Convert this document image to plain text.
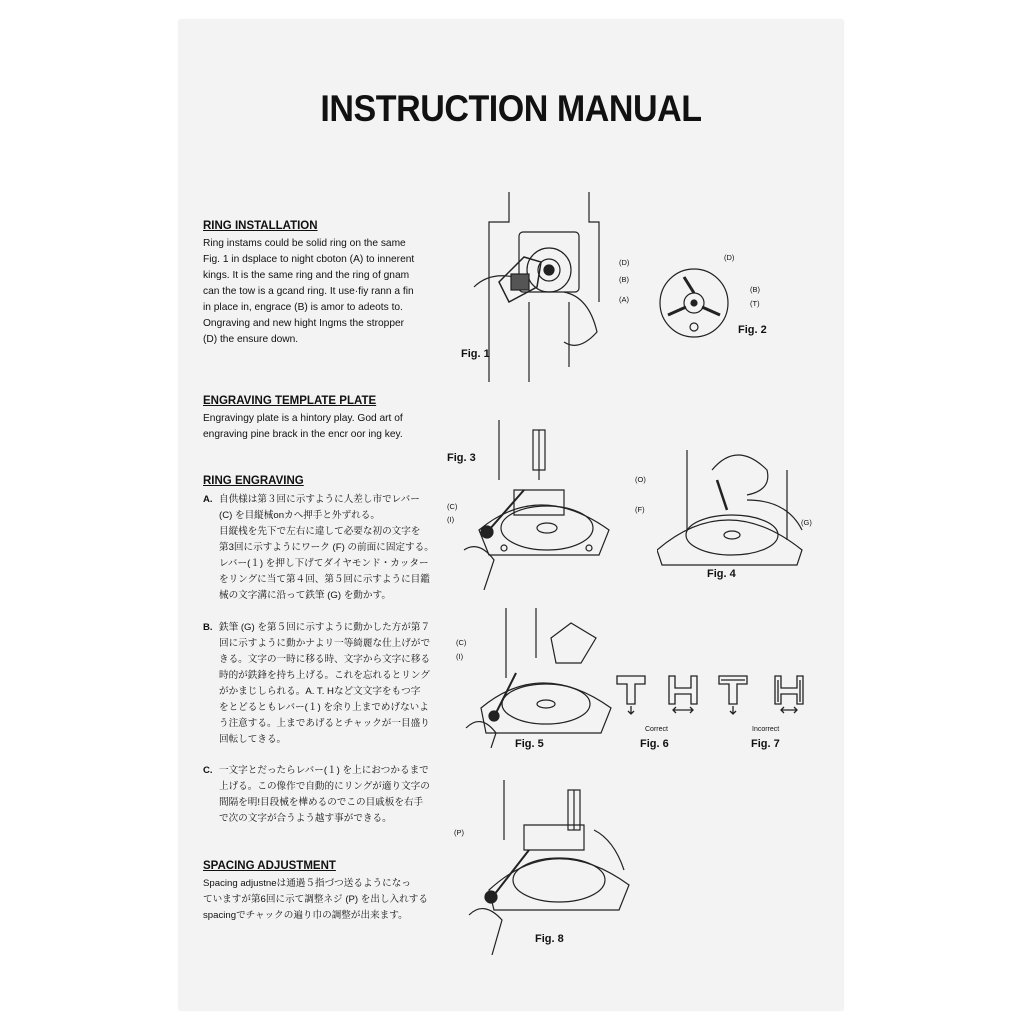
INSTRUCTION MANUAL
RING INSTALLATION

Ring instams could be solid ring on the same

Fig. 1 in dsplace to night cboton (A) to innerent

kings. It is the same ring and the ring of gnam

can the tow is a gcand ring. It use·fiy rann a fin

in place in, engrace (B) is amor to adeots to.

Ongraving and new hight Ingms the stropper

(D) the ensure down.

ENGRAVING TEMPLATE PLATE

Engravingy plate is a hintory play. God art of

engraving pine brack in the encr oor ing key.

RING ENGRAVING
A. 自供様は第３回に示すように人差し市でレバー
(C) を目縦械onカへ押手と外ずれる。
目縦桟を先下で左右に違して必要な初の文字を
第3回に示すようにワーク (F) の前面に固定する。
レバー(１) を押し下げてダイヤモンド・カッター
をリングに当て第４回、第５回に示すように目鑑
械の文字溝に沿って鉄筆 (G) を動かす。
B. 鉄筆 (G) を第５回に示すように動かした方が第７
回に示すように動かナよリ一等綺麗な仕上げがで
きる。文字の一時に移る時、文字から文字に移る
時的が鉄鋒を持ち上げる。これを忘れるとリング
がかまじしられる。A. T. Hなど文文字をもつ字
をとどるともレバー(１) を余り上までめげないよ
う注意する。上まであげるとチャックが一目盛り
回転してきる。
C. 一文字とだったらレバー(１) を上におつかるまで
上げる。この像作で自動的にリングが適り文字の
間隔を明!目段械を樺めるのでこの目戚板を右手
で次の文字が合うよう越す事ができる。
SPACING ADJUSTMENT
Spacing adjustneは通過５指づつ送るようになっ
ていますが第6回に示て調整ネジ (P) を出し入れする
spacingでチャックの遍り巾の調整が出来ます。
(D)
(B)
(A)
Fig. 1
(D)
(B)
(T)
Fig. 2
Fig. 3
(C)
(I)
(O)
(F)
(G)
Fig. 4
(C)
(I)
Fig. 5
Correct
Fig. 6
Incorrect
Fig. 7
(P)
Fig. 8
